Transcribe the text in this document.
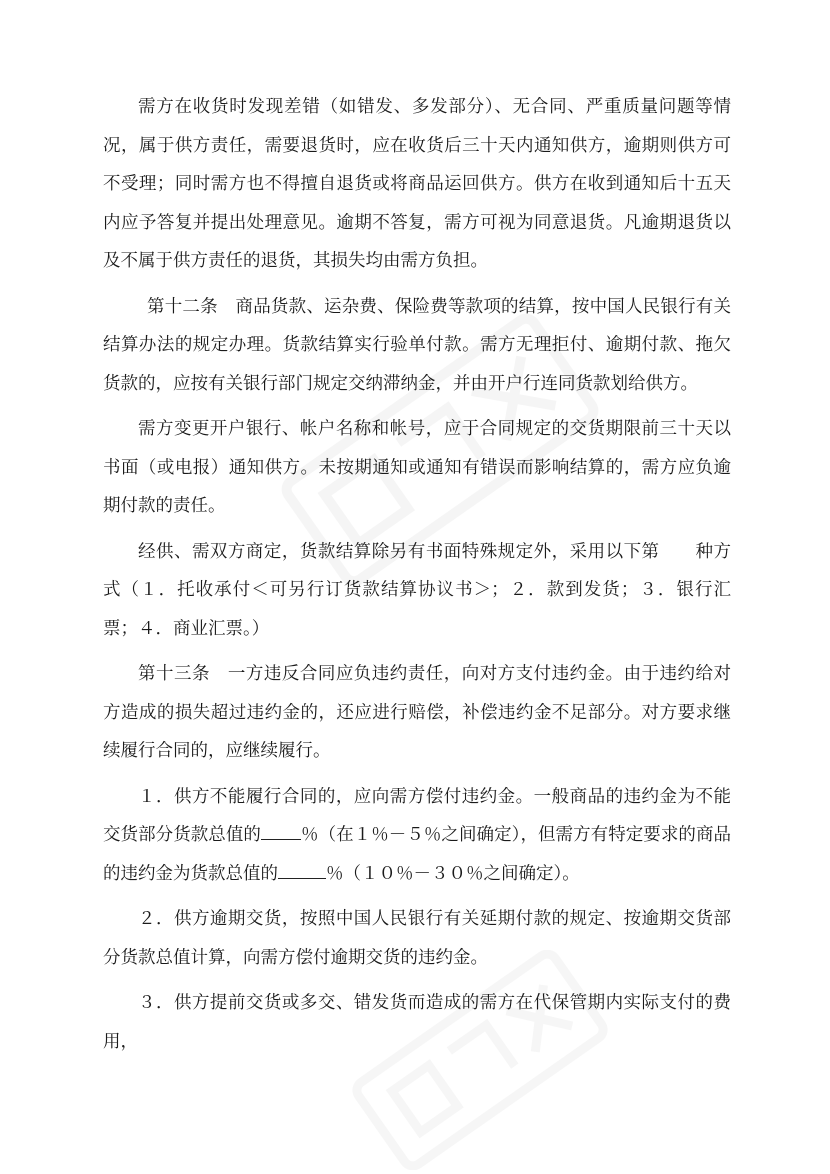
需方在收货时发现差错（如错发、多发部分）、无合同、严重质量问题等情况，属于供方责任，需要退货时，应在收货后三十天内通知供方，逾期则供方可不受理；同时需方也不得擅自退货或将商品运回供方。供方在收到通知后十五天内应予答复并提出处理意见。逾期不答复，需方可视为同意退货。凡逾期退货以及不属于供方责任的退货，其损失均由需方负担。

第十二条　商品货款、运杂费、保险费等款项的结算，按中国人民银行有关结算办法的规定办理。货款结算实行验单付款。需方无理拒付、逾期付款、拖欠货款的，应按有关银行部门规定交纳滞纳金，并由开户行连同货款划给供方。

需方变更开户银行、帐户名称和帐号，应于合同规定的交货期限前三十天以书面（或电报）通知供方。未按期通知或通知有错误而影响结算的，需方应负逾期付款的责任。

经供、需双方商定，货款结算除另有书面特殊规定外，采用以下第　　种方式（１．托收承付＜可另行订货款结算协议书＞；２．款到发货；３．银行汇票；４．商业汇票。）

第十三条　一方违反合同应负违约责任，向对方支付违约金。由于违约给对方造成的损失超过违约金的，还应进行赔偿，补偿违约金不足部分。对方要求继续履行合同的，应继续履行。

１．供方不能履行合同的，应向需方偿付违约金。一般商品的违约金为不能交货部分货款总值的 ％（在１％－５％之间确定），但需方有特定要求的商品的违约金为货款总值的	％（１０％－３０％之间确定）。

２．供方逾期交货，按照中国人民银行有关延期付款的规定、按逾期交货部分货款总值计算，向需方偿付逾期交货的违约金。

３．供方提前交货或多交、错发货而造成的需方在代保管期内实际支付的费用，
